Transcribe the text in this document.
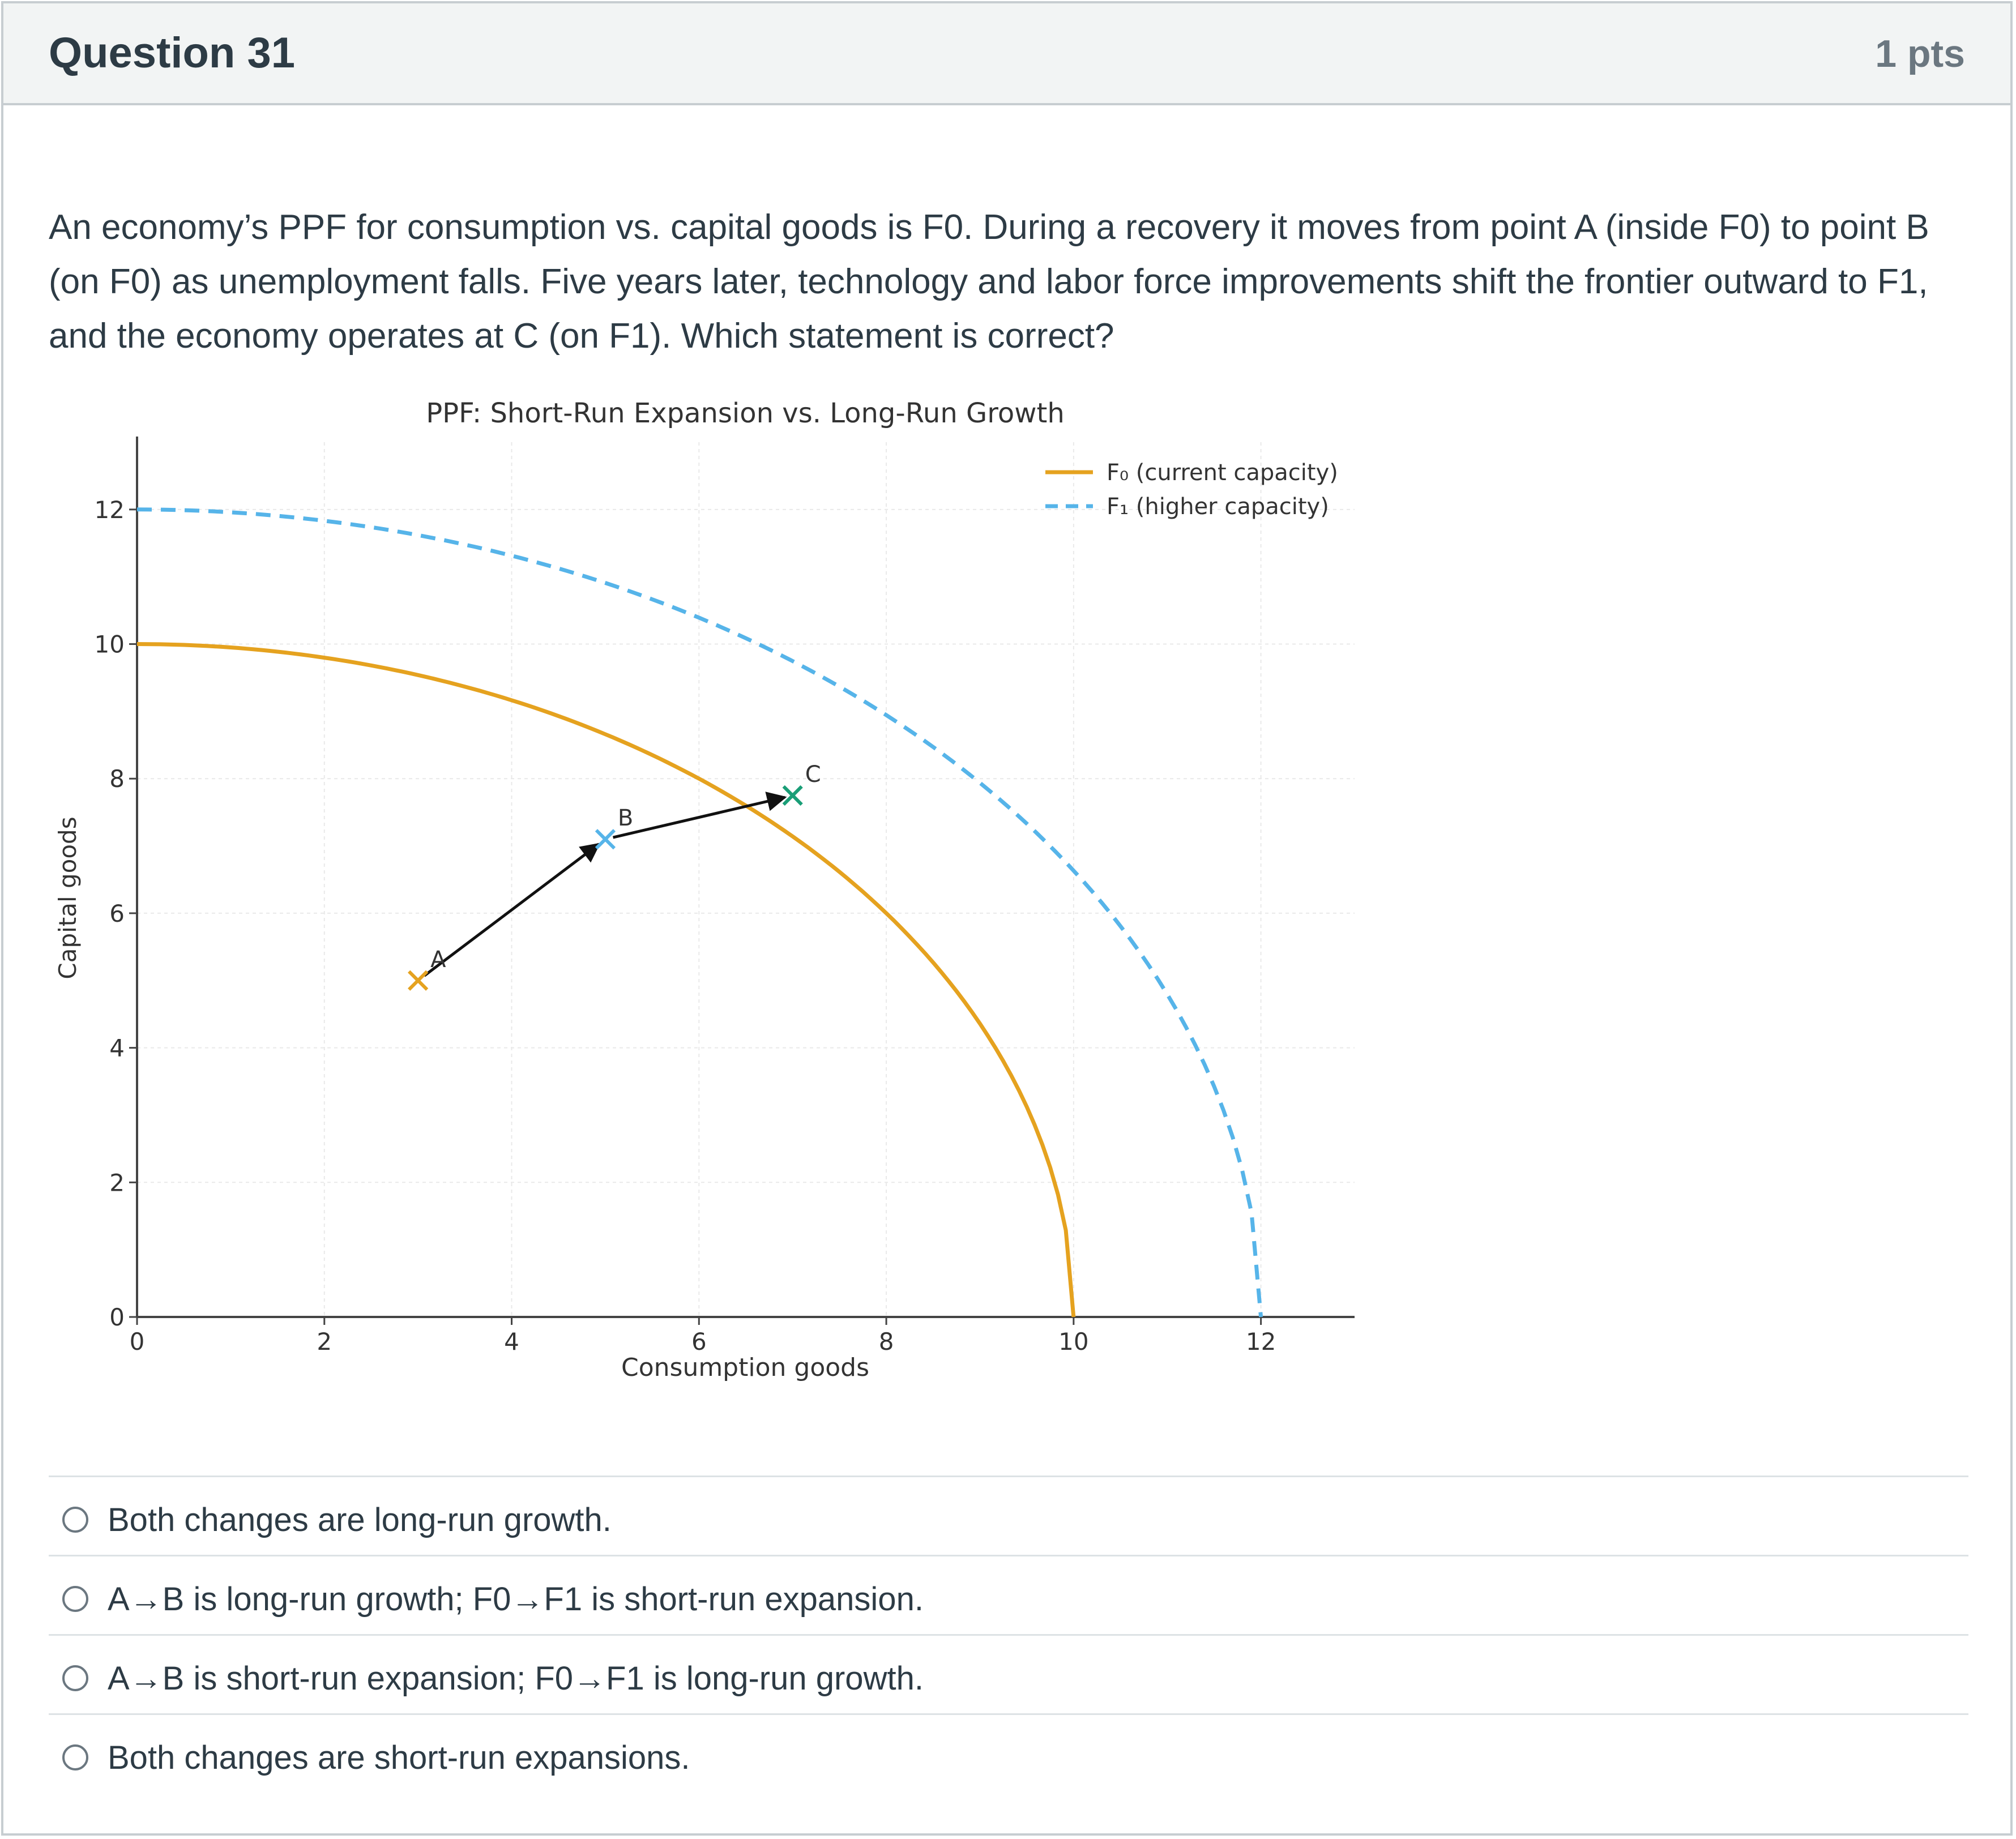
Question 31	1 pts
An economy’s PPF for consumption vs. capital goods is F0. During a recovery it moves from point A (inside F0) to point B (on F0) as unemployment falls. Five years later, technology and labor force improvements shift the frontier outward to F1, and the economy operates at C (on F1). Which statement is correct?
0	2	4	6	8	10	12
0
2
4
6
8
10
12
A
B
C
PPF: Short-Run Expansion vs. Long-Run Growth
Consumption goods
Capital goods
F₀ (current capacity)
F₁ (higher capacity)
Both changes are long-run growth.
A→B is long-run growth; F0→F1 is short-run expansion.
A→B is short-run expansion; F0→F1 is long-run growth.
Both changes are short-run expansions.
